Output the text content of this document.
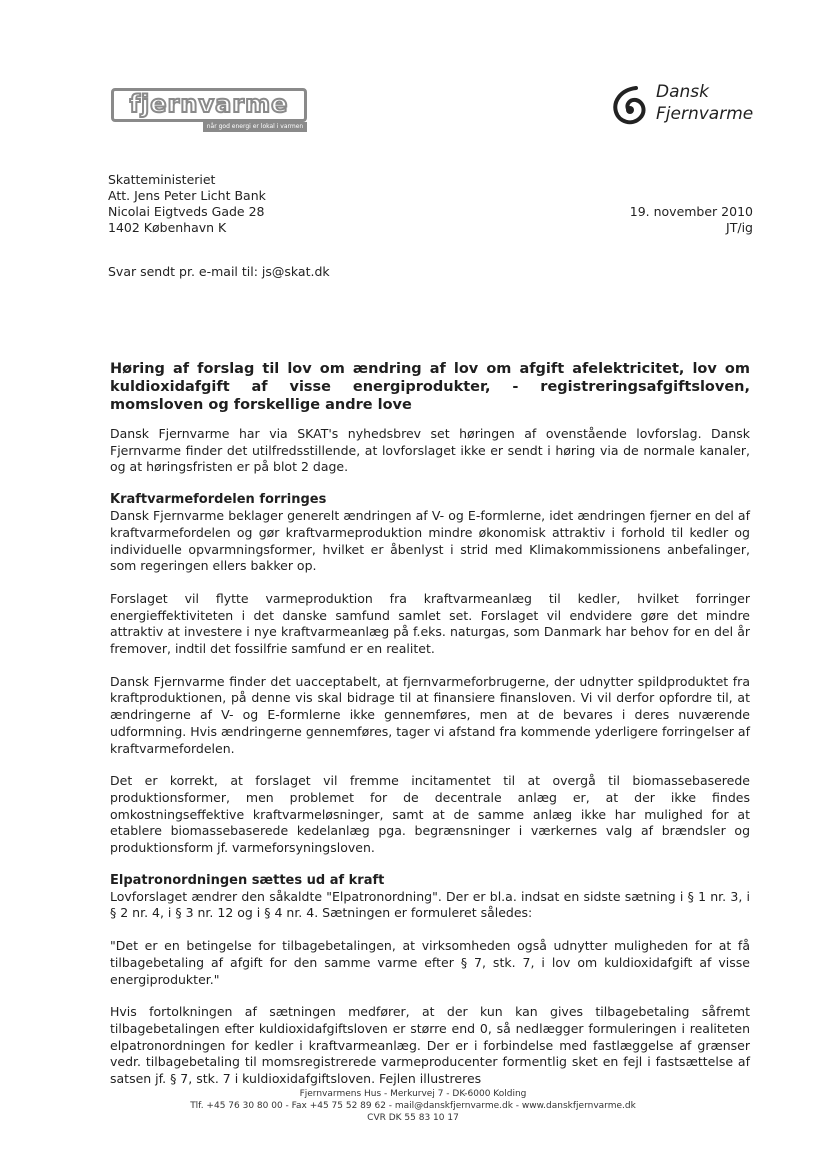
fjernvarme
når god energi er lokal i varmen
Dansk
Fjernvarme
Skatteministeriet
Att. Jens Peter Licht Bank
Nicolai Eigtveds Gade 28
1402 København K
19. november 2010
JT/ig
Svar sendt pr. e-mail til: js@skat.dk

Høring af forslag til lov om ændring af lov om afgift afelektricitet, lov om kuldioxidafgift af visse energiprodukter, - registreringsafgiftsloven, momsloven og forskellige andre love

Dansk Fjernvarme har via SKAT's nyhedsbrev set høringen af ovenstående lovforslag. Dansk Fjernvarme finder det utilfredsstillende, at lovforslaget ikke er sendt i høring via de normale kanaler, og at høringsfristen er på blot 2 dage.

Kraftvarmefordelen forringes

Dansk Fjernvarme beklager generelt ændringen af V- og E-formlerne, idet ændringen fjerner en del af kraftvarmefordelen og gør kraftvarmeproduktion mindre økonomisk attraktiv i forhold til kedler og individuelle opvarmningsformer, hvilket er åbenlyst i strid med Klimakommissionens anbefalinger, som regeringen ellers bakker op.

Forslaget vil flytte varmeproduktion fra kraftvarmeanlæg til kedler, hvilket forringer energieffektiviteten i det danske samfund samlet set. Forslaget vil endvidere gøre det mindre attraktiv at investere i nye kraftvarmeanlæg på f.eks. naturgas, som Danmark har behov for en del år fremover, indtil det fossilfrie samfund er en realitet.

Dansk Fjernvarme finder det uacceptabelt, at fjernvarmeforbrugerne, der udnytter spildproduktet fra kraftproduktionen, på denne vis skal bidrage til at finansiere finansloven. Vi vil derfor opfordre til, at ændringerne af V- og E-formlerne ikke gennemføres, men at de bevares i deres nuværende udformning. Hvis ændringerne gennemføres, tager vi afstand fra kommende yderligere forringelser af kraftvarmefordelen.

Det er korrekt, at forslaget vil fremme incitamentet til at overgå til biomassebaserede produktionsformer, men problemet for de decentrale anlæg er, at der ikke findes omkostningseffektive kraftvarmeløsninger, samt at de samme anlæg ikke har mulighed for at etablere biomassebaserede kedelanlæg pga. begrænsninger i værkernes valg af brændsler og produktionsform jf. varmeforsyningsloven.

Elpatronordningen sættes ud af kraft

Lovforslaget ændrer den såkaldte "Elpatronordning". Der er bl.a. indsat en sidste sætning i § 1 nr. 3, i § 2 nr. 4, i § 3 nr. 12 og i § 4 nr. 4. Sætningen er formuleret således:

"Det er en betingelse for tilbagebetalingen, at virksomheden også udnytter muligheden for at få tilbagebetaling af afgift for den samme varme efter § 7, stk. 7, i lov om kuldioxidafgift af visse energiprodukter."

Hvis fortolkningen af sætningen medfører, at der kun kan gives tilbagebetaling såfremt tilbagebetalingen efter kuldioxidafgiftsloven er større end 0, så nedlægger formuleringen i realiteten elpatronordningen for kedler i kraftvarmeanlæg. Der er i forbindelse med fastlæggelse af grænser vedr. tilbagebetaling til momsregistrerede varmeproducenter formentlig sket en fejl i fastsættelse af satsen jf. § 7, stk. 7 i kuldioxidafgiftsloven. Fejlen illustreres

Fjernvarmens Hus - Merkurvej 7 - DK-6000 Kolding
Tlf. +45 76 30 80 00 - Fax +45 75 52 89 62 - mail@danskfjernvarme.dk - www.danskfjernvarme.dk
CVR DK 55 83 10 17
